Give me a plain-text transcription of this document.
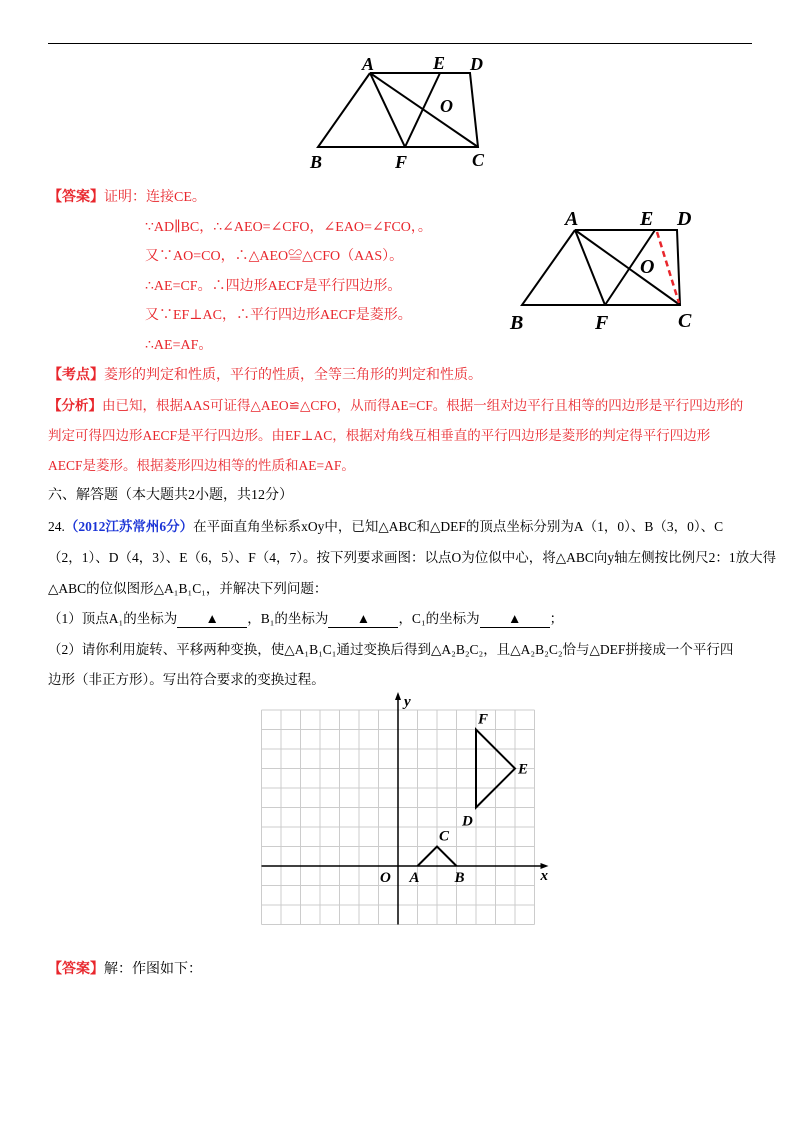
A	E D
O
B	F	C
【答案】证明：连接CE。
∵AD∥BC，∴∠AEO=∠CFO，∠EAO=∠FCO，。
又∵AO=CO，∴△AEO≌△CFO（AAS）。
∴AE=CF。∴四边形AECF是平行四边形。
又∵EF⊥AC，∴平行四边形AECF是菱形。
∴AE=AF。
A	E D
O
B	F	C
【考点】菱形的判定和性质，平行的性质，全等三角形的判定和性质。
【分析】由已知，根据AAS可证得△AEO≌△CFO，从而得AE=CF。根据一组对边平行且相等的四边形是平行四边形的
判定可得四边形AECF是平行四边形。由EF⊥AC，根据对角线互相垂直的平行四边形是菱形的判定得平行四边形
AECF是菱形。根据菱形四边相等的性质和AE=AF。
六、解答题（本大题共2小题，共12分）
24.（2012江苏常州6分）在平面直角坐标系xOy中，已知△ABC和△DEF的顶点坐标分别为A（1，0）、B（3，0）、C
（2，1）、D（4，3）、E（6，5）、F（4，7）。按下列要求画图：以点O为位似中心，将△ABC向y轴左侧按比例尺2：1放大得
△ABC的位似图形△A₁B₁C₁，并解决下列问题：
（1）顶点A₁的坐标为 ▲ ，B₁的坐标为 ▲ ，C₁的坐标为 ▲ ；
（2）请你利用旋转、平移两种变换，使△A₁B₁C₁通过变换后得到△A₂B₂C₂，且△A₂B₂C₂恰与△DEF拼接成一个平行四
边形（非正方形）。写出符合要求的变换过程。
y
x
O A B
C
D
E
F
【答案】解：作图如下：
